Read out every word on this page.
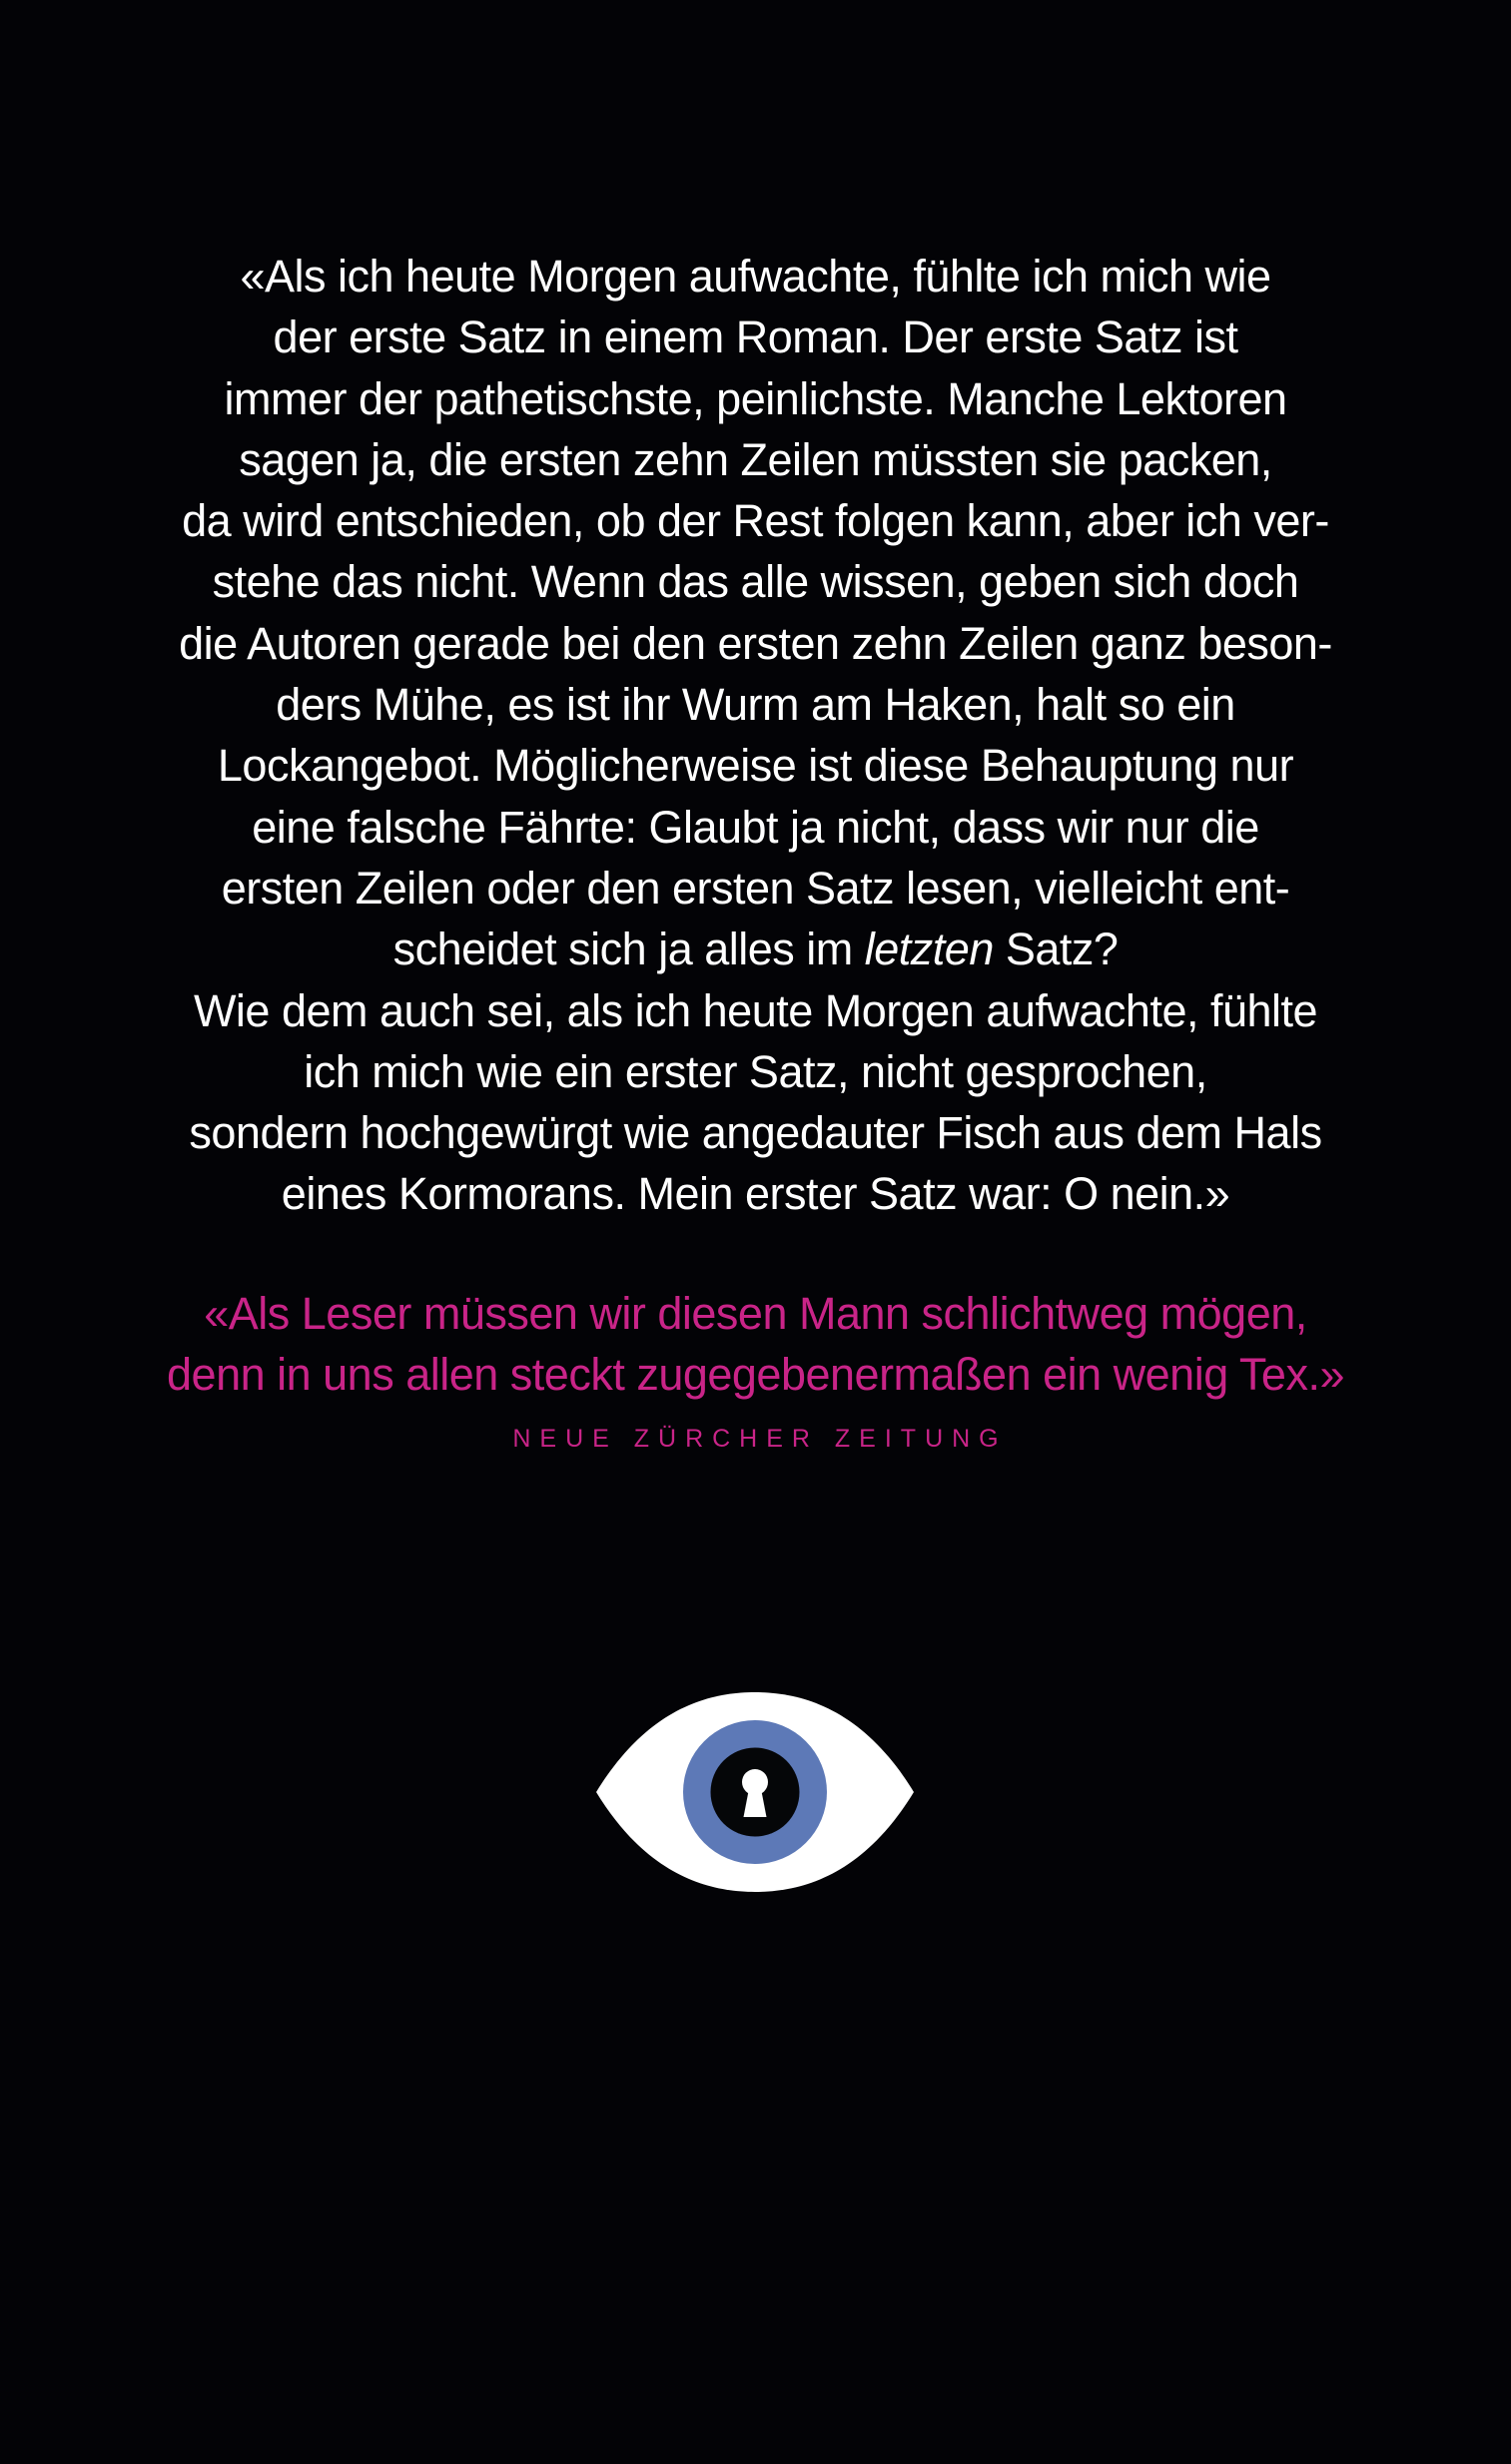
«Als ich heute Morgen aufwachte, fühlte ich mich wie
der erste Satz in einem Roman. Der erste Satz ist
immer der pathetischste, peinlichste. Manche Lektoren
sagen ja, die ersten zehn Zeilen müssten sie packen,
da wird entschieden, ob der Rest folgen kann, aber ich ver-
stehe das nicht. Wenn das alle wissen, geben sich doch
die Autoren gerade bei den ersten zehn Zeilen ganz beson-
ders Mühe, es ist ihr Wurm am Haken, halt so ein
Lockangebot. Möglicherweise ist diese Behauptung nur
eine falsche Fährte: Glaubt ja nicht, dass wir nur die
ersten Zeilen oder den ersten Satz lesen, vielleicht ent-
scheidet sich ja alles im letzten Satz?
Wie dem auch sei, als ich heute Morgen aufwachte, fühlte
ich mich wie ein erster Satz, nicht gesprochen,
sondern hochgewürgt wie angedauter Fisch aus dem Hals
eines Kormorans. Mein erster Satz war: O nein.»
«Als Leser müssen wir diesen Mann schlichtweg mögen,
denn in uns allen steckt zugegebenermaßen ein wenig Tex.»
NEUE ZÜRCHER ZEITUNG
